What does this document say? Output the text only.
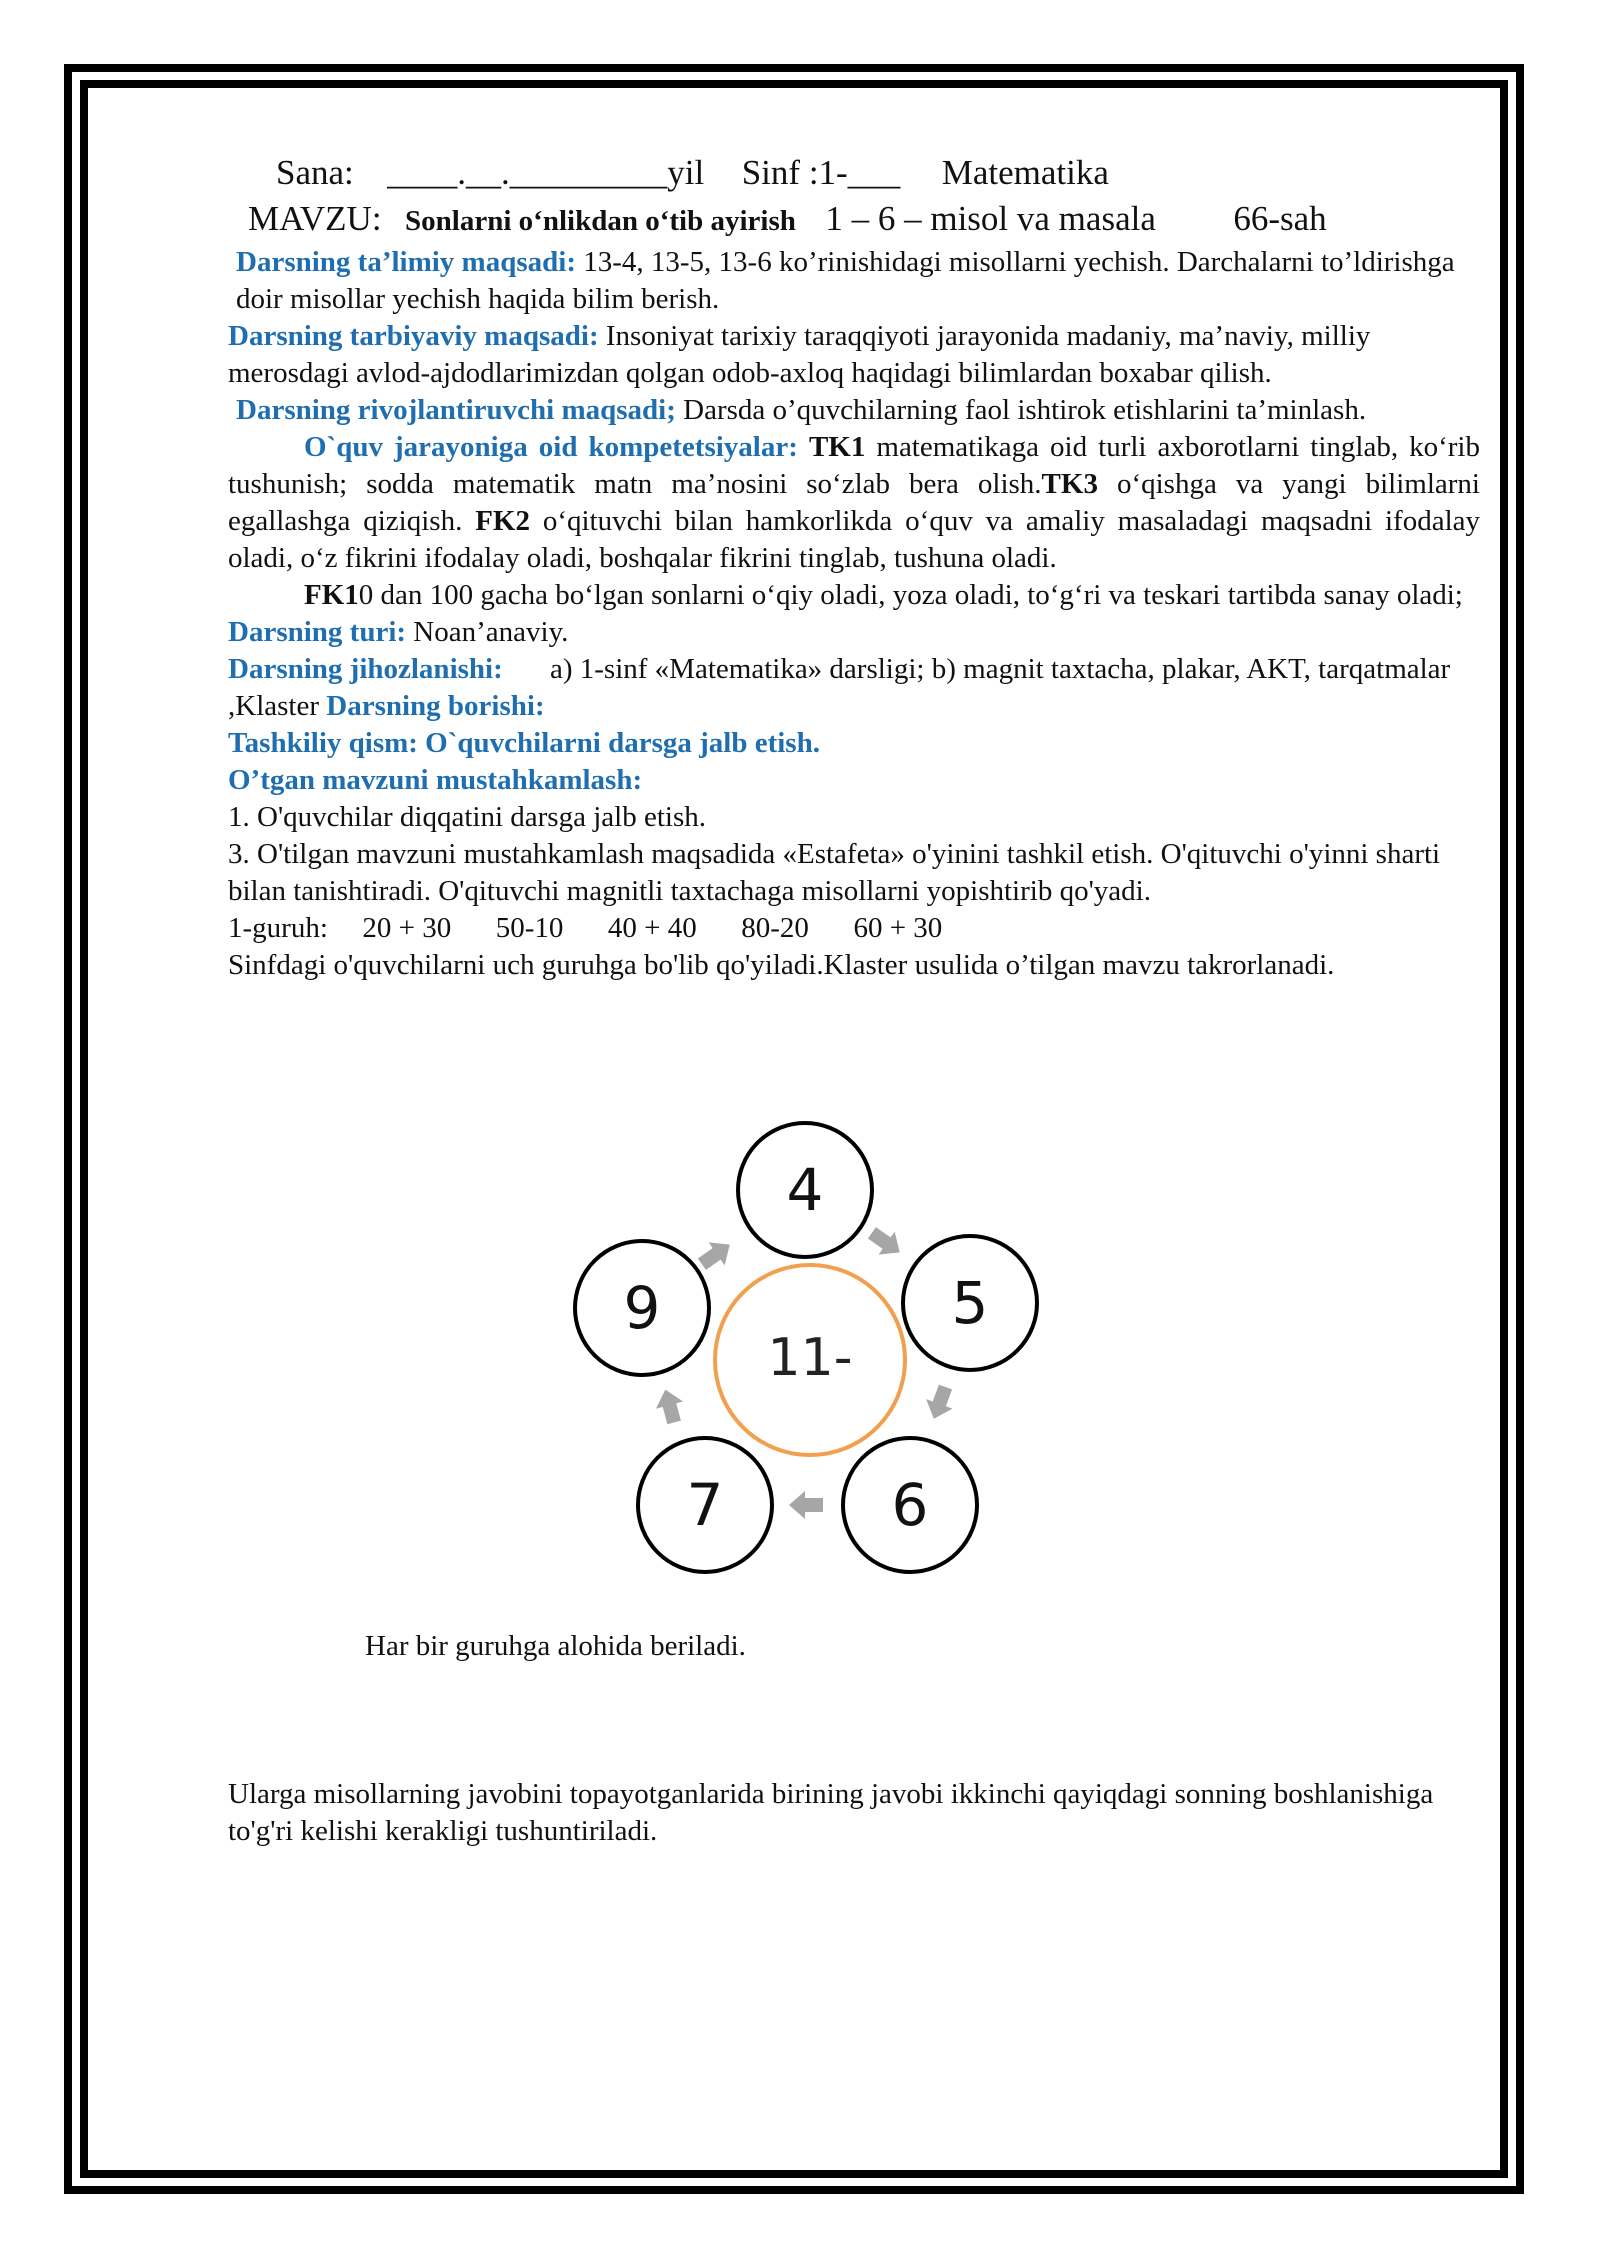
Sana: ____.__._________yil Sinf :1-___ Matematika
MAVZU: Sonlarni oʻnlikdan oʻtib ayirish 1 – 6 – misol va masala 66-sah
Darsning ta’limiy maqsadi: 13-4, 13-5, 13-6 ko’rinishidagi misollarni yechish. Darchalarni to’ldirishga doir misollar yechish haqida bilim berish.
Darsning tarbiyaviy maqsadi: Insoniyat tarixiy taraqqiyoti jarayonida madaniy, ma’naviy, milliy merosdagi avlod-ajdodlarimizdan qolgan odob-axloq haqidagi bilimlardan boxabar qilish.
Darsning rivojlantiruvchi maqsadi; Darsda o’quvchilarning faol ishtirok etishlarini ta’minlash.
O`quv jarayoniga oid kompetetsiyalar: TK1 matematikaga oid turli axborotlarni tinglab, koʻrib tushunish; sodda matematik matn maʼnosini soʻzlab bera olish.TK3 oʻqishga va yangi bilimlarni egallashga qiziqish. FK2 oʻqituvchi bilan hamkorlikda oʻquv va amaliy masaladagi maqsadni ifodalay oladi, oʻz fikrini ifodalay oladi, boshqalar fikrini tinglab, tushuna oladi.
FK10 dan 100 gacha boʻlgan sonlarni oʻqiy oladi, yoza oladi, toʻgʻri va teskari tartibda sanay oladi;
Darsning turi: Noan’anaviy.
Darsning jihozlanishi: a) 1-sinf «Matematika» darsligi; b) magnit taxtacha, plakar, AKT, tarqatmalar ,Klaster Darsning borishi:
Tashkiliy qism: O`quvchilarni darsga jalb etish.
O’tgan mavzuni mustahkamlash:
1. O'quvchilar diqqatini darsga jalb etish.
3. O'tilgan mavzuni mustahkamlash maqsadida «Estafeta» o'yinini tashkil etish. O'qituvchi o'yinni sharti bilan tanishtiradi. O'qituvchi magnitli taxtachaga misollarni yopishtirib qo'yadi.
1-guruh: 20 + 30 50-10 40 + 40 80-20 60 + 30
Sinfdagi o'quvchilarni uch guruhga bo'lib qo'yiladi.Klaster usulida o’tilgan mavzu takrorlanadi.
11-
4
5
6
7
9
Har bir guruhga alohida beriladi.
Ularga misollarning javobini topayotganlarida birining javobi ikkinchi qayiqdagi sonning boshlanishiga to'g'ri kelishi kerakligi tushuntiriladi.
